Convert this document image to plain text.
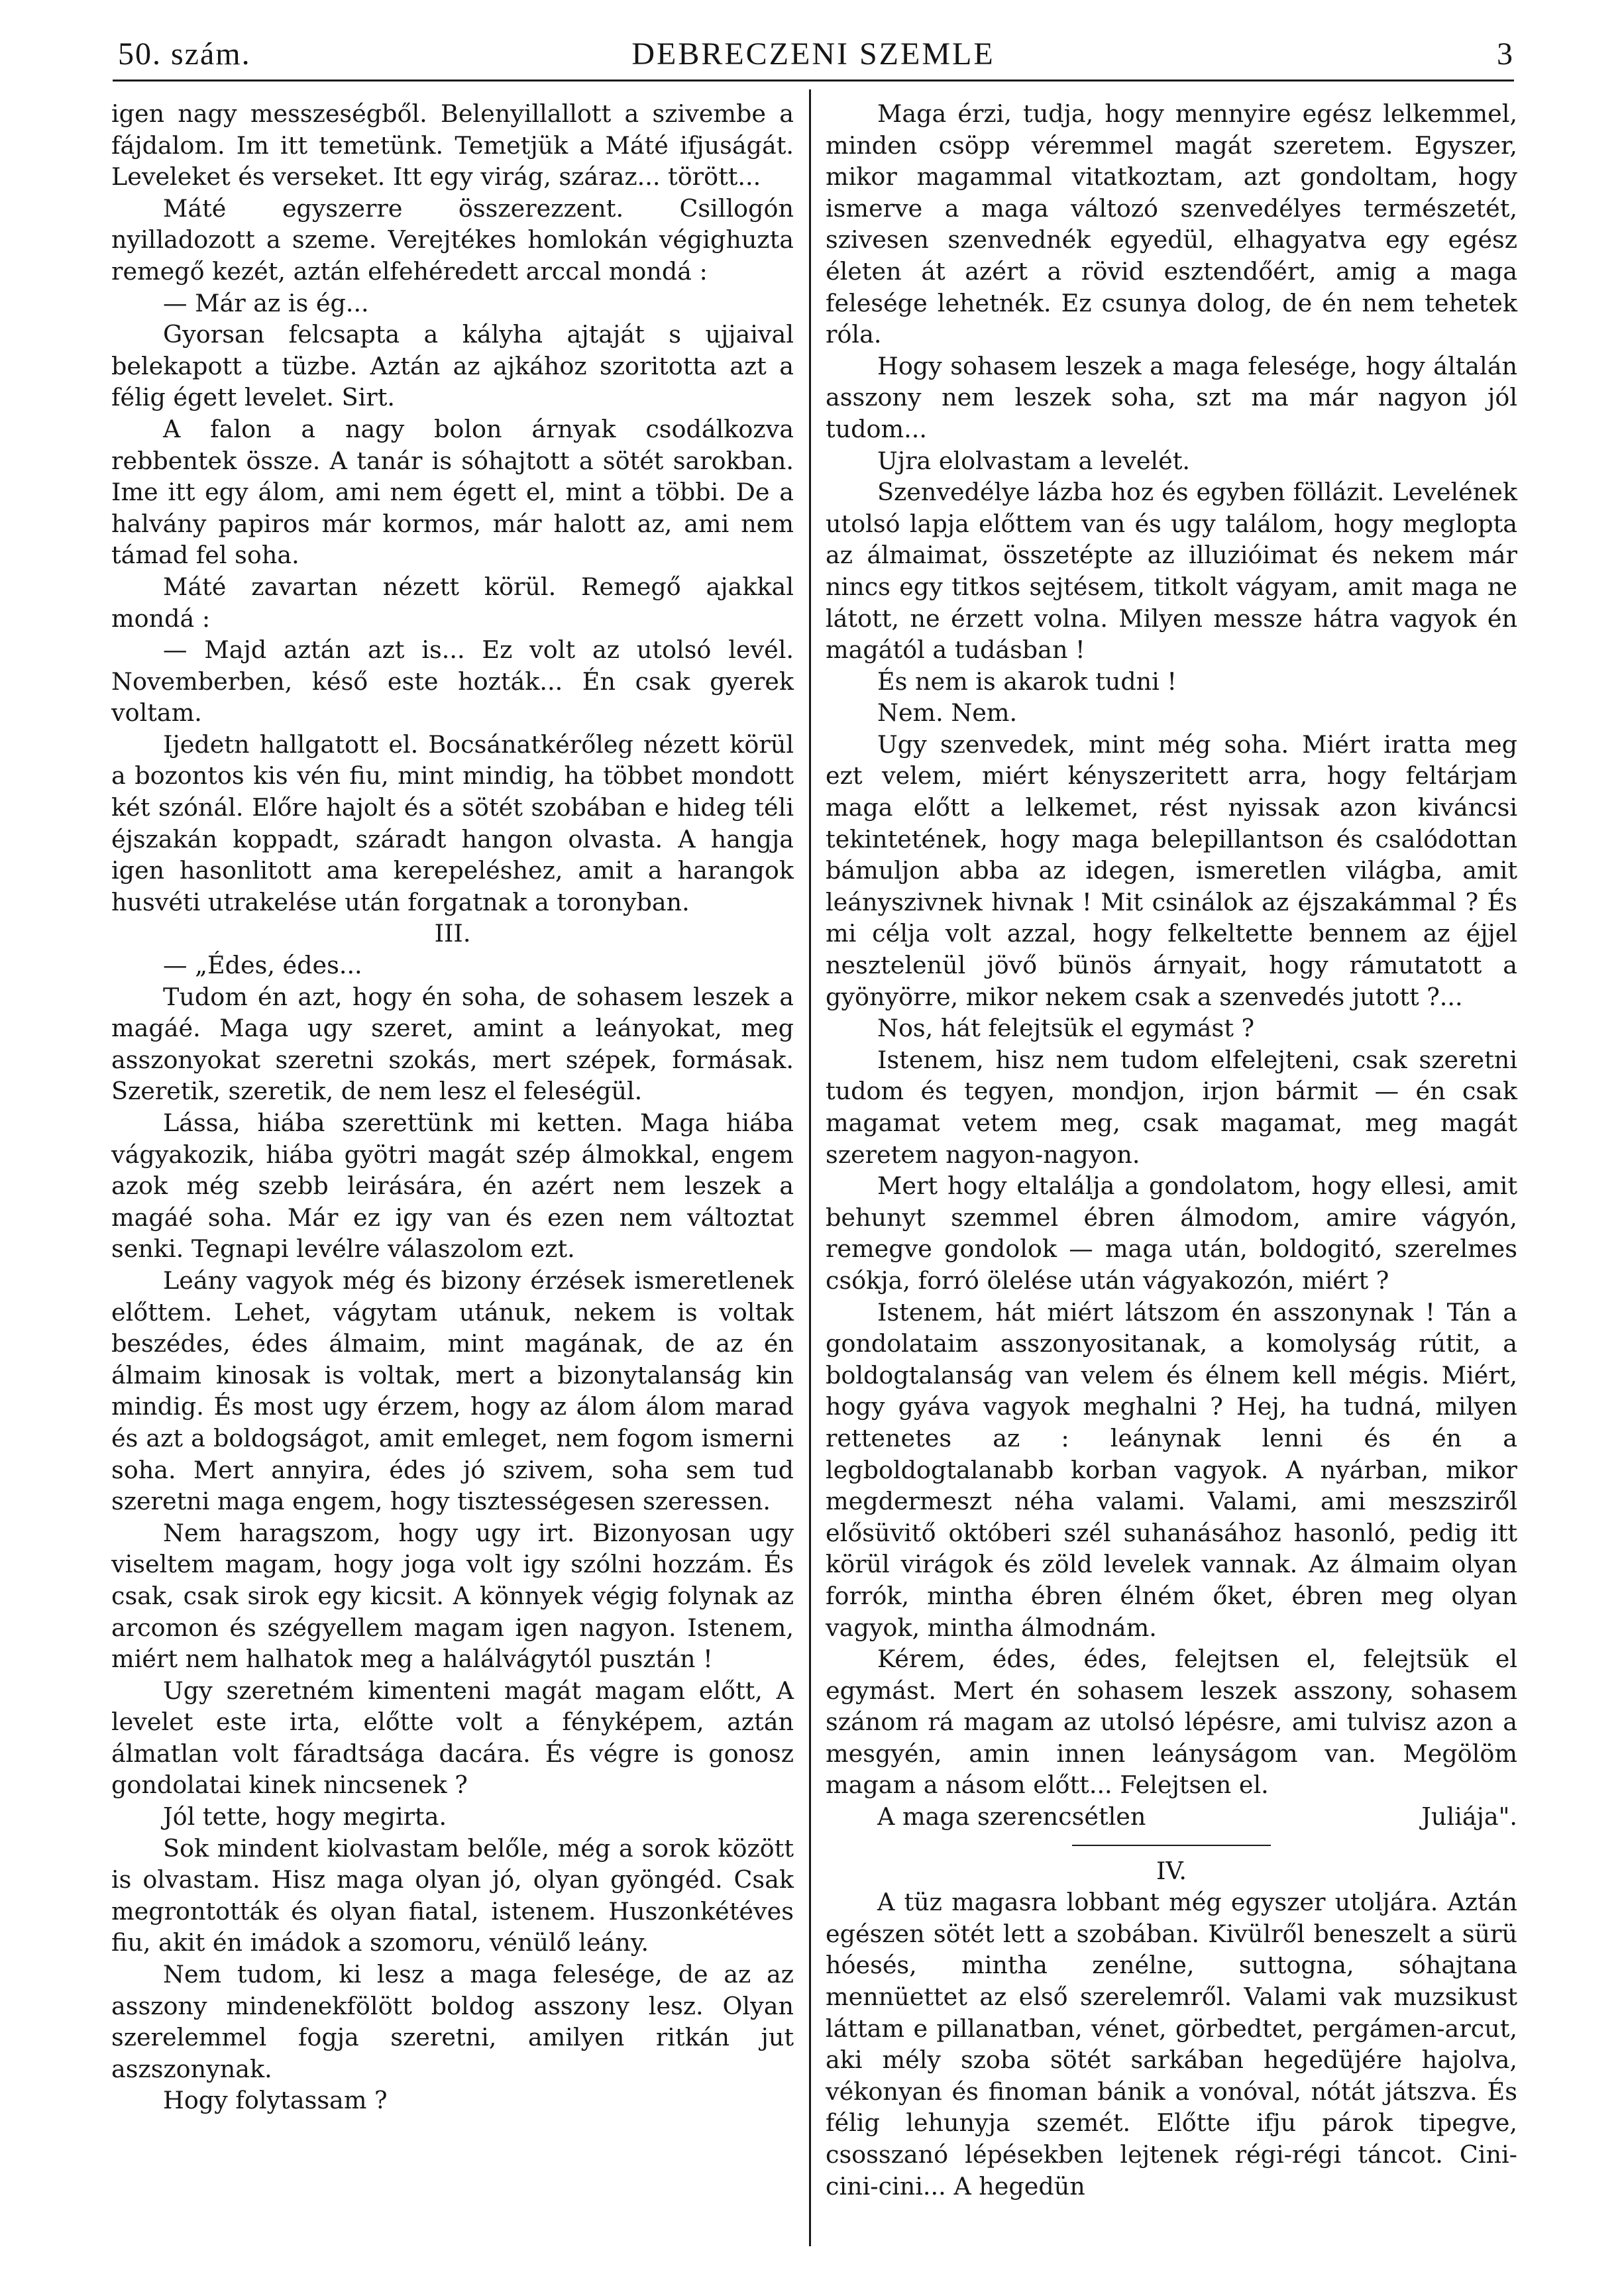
50. szám.	DEBRECZENI SZEMLE	3

igen nagy messzeségből. Belenyillallott a szivembe a fájdalom. Im itt temetünk. Temetjük a Máté ifjuságát. Leveleket és verseket. Itt egy virág, száraz... törött...

Máté egyszerre összerezzent. Csillogón nyilladozott a szeme. Verejtékes homlokán végighuzta remegő kezét, aztán elfehéredett arccal mondá :

— Már az is ég...

Gyorsan felcsapta a kályha ajtaját s ujjaival belekapott a tüzbe. Aztán az ajkához szoritotta azt a félig égett levelet. Sirt.

A falon a nagy bolon árnyak csodálkozva rebbentek össze. A tanár is sóhajtott a sötét sarokban. Ime itt egy álom, ami nem égett el, mint a többi. De a halvány papiros már kormos, már halott az, ami nem támad fel soha.

Máté zavartan nézett körül. Remegő ajakkal mondá :

— Majd aztán azt is... Ez volt az utolsó levél. Novemberben, késő este hozták... Én csak gyerek voltam.

Ijedetn hallgatott el. Bocsánatkérőleg nézett körül a bozontos kis vén fiu, mint mindig, ha többet mondott két szónál. Előre hajolt és a sötét szobában e hideg téli éjszakán koppadt, száradt hangon olvasta. A hangja igen hasonlitott ama kerepeléshez, amit a harangok husvéti utrakelése után forgatnak a toronyban.

III.

— „Édes, édes...

Tudom én azt, hogy én soha, de sohasem leszek a magáé. Maga ugy szeret, amint a leányokat, meg asszonyokat szeretni szokás, mert szépek, formásak. Szeretik, szeretik, de nem lesz el feleségül.

Lássa, hiába szerettünk mi ketten. Maga hiába vágyakozik, hiába gyötri magát szép álmokkal, engem azok még szebb leirására, én azért nem leszek a magáé soha. Már ez igy van és ezen nem változtat senki. Tegnapi levélre válaszolom ezt.

Leány vagyok még és bizony érzések ismeretlenek előttem. Lehet, vágytam utánuk, nekem is voltak beszédes, édes álmaim, mint magának, de az én álmaim kinosak is voltak, mert a bizonytalanság kin mindig. És most ugy érzem, hogy az álom álom marad és azt a boldogságot, amit emleget, nem fogom ismerni soha. Mert annyira, édes jó szivem, soha sem tud szeretni maga engem, hogy tisztességesen szeressen.

Nem haragszom, hogy ugy irt. Bizonyosan ugy viseltem magam, hogy joga volt igy szólni hozzám. És csak, csak sirok egy kicsit. A könnyek végig folynak az arcomon és szégyellem magam igen nagyon. Istenem, miért nem halhatok meg a halálvágytól pusztán !

Ugy szeretném kimenteni magát magam előtt, A levelet este irta, előtte volt a fényképem, aztán álmatlan volt fáradtsága dacára. És végre is gonosz gondolatai kinek nincsenek ?

Jól tette, hogy megirta.

Sok mindent kiolvastam belőle, még a sorok között is olvastam. Hisz maga olyan jó, olyan gyöngéd. Csak megrontották és olyan fiatal, istenem. Huszonkétéves fiu, akit én imádok a szomoru, vénülő leány.

Nem tudom, ki lesz a maga felesége, de az az asszony mindenekfölött boldog asszony lesz. Olyan szerelemmel fogja szeretni, amilyen ritkán jut aszszonynak.

Hogy folytassam ?

Maga érzi, tudja, hogy mennyire egész lelkemmel, minden csöpp véremmel magát szeretem. Egyszer, mikor magammal vitatkoztam, azt gondoltam, hogy ismerve a maga változó szenvedélyes természetét, szivesen szenvednék egyedül, elhagyatva egy egész életen át azért a rövid esztendőért, amig a maga felesége lehetnék. Ez csunya dolog, de én nem tehetek róla.

Hogy sohasem leszek a maga felesége, hogy általán asszony nem leszek soha, szt ma már nagyon jól tudom...

Ujra elolvastam a levelét.

Szenvedélye lázba hoz és egyben föllázit. Levelének utolsó lapja előttem van és ugy találom, hogy meglopta az álmaimat, összetépte az illuzióimat és nekem már nincs egy titkos sejtésem, titkolt vágyam, amit maga ne látott, ne érzett volna. Milyen messze hátra vagyok én magától a tudásban !

És nem is akarok tudni !

Nem. Nem.

Ugy szenvedek, mint még soha. Miért iratta meg ezt velem, miért kényszeritett arra, hogy feltárjam maga előtt a lelkemet, rést nyissak azon kiváncsi tekintetének, hogy maga belepillantson és csalódottan bámuljon abba az idegen, ismeretlen világba, amit leányszivnek hivnak ! Mit csinálok az éjszakámmal ? És mi célja volt azzal, hogy felkeltette bennem az éjjel nesztelenül jövő bünös árnyait, hogy rámutatott a gyönyörre, mikor nekem csak a szenvedés jutott ?...

Nos, hát felejtsük el egymást ?

Istenem, hisz nem tudom elfelejteni, csak szeretni tudom és tegyen, mondjon, irjon bármit — én csak magamat vetem meg, csak magamat, meg magát szeretem nagyon-nagyon.

Mert hogy eltalálja a gondolatom, hogy ellesi, amit behunyt szemmel ébren álmodom, amire vágyón, remegve gondolok — maga után, boldogitó, szerelmes csókja, forró ölelése után vágyakozón, miért ?

Istenem, hát miért látszom én asszonynak ! Tán a gondolataim asszonyositanak, a komolyság rútit, a boldogtalanság van velem és élnem kell mégis. Miért, hogy gyáva vagyok meghalni ? Hej, ha tudná, milyen rettenetes az : leánynak lenni és én a legboldogtalanabb korban vagyok. A nyárban, mikor megdermeszt néha valami. Valami, ami meszsziről elősüvitő októberi szél suhanásához hasonló, pedig itt körül virágok és zöld levelek vannak. Az álmaim olyan forrók, mintha ébren élném őket, ébren meg olyan vagyok, mintha álmodnám.

Kérem, édes, édes, felejtsen el, felejtsük el egymást. Mert én sohasem leszek asszony, sohasem szánom rá magam az utolsó lépésre, ami tulvisz azon a mesgyén, amin innen leányságom van. Megölöm magam a násom előtt... Felejtsen el.

A maga szerencsétlen	Juliája".

IV.

A tüz magasra lobbant még egyszer utoljára. Aztán egészen sötét lett a szobában. Kivülről beneszelt a sürü hóesés, mintha zenélne, suttogna, sóhajtana mennüettet az első szerelemről. Valami vak muzsikust láttam e pillanatban, vénet, görbedtet, pergámen-arcut, aki mély szoba sötét sarkában hegedüjére hajolva, vékonyan és finoman bánik a vonóval, nótát játszva. És félig lehunyja szemét. Előtte ifju párok tipegve, csosszanó lépésekben lejtenek régi-régi táncot. Cini-cini-cini... A hegedün
